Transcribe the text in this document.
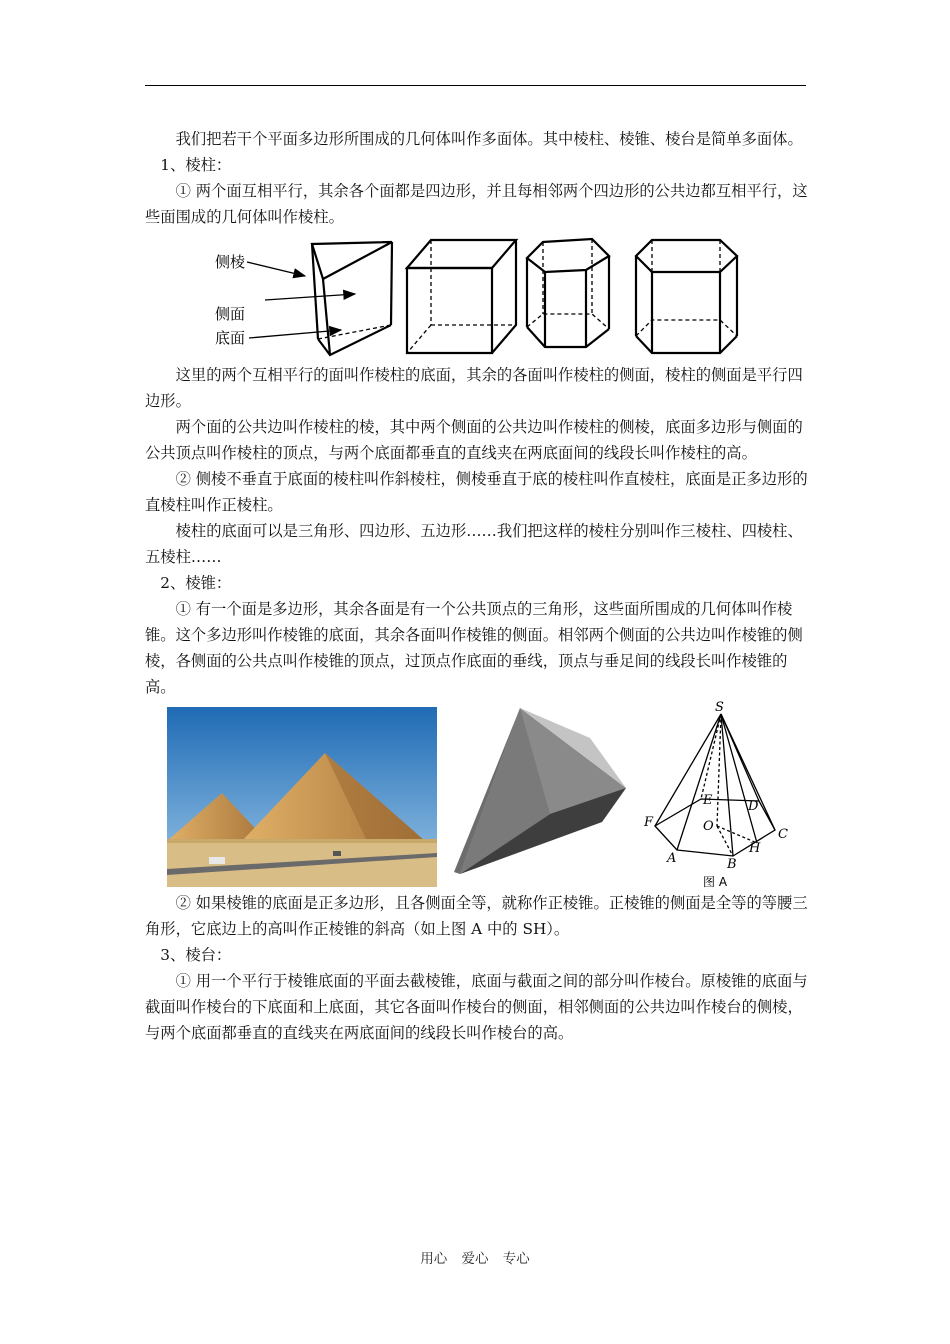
我们把若干个平面多边形所围成的几何体叫作多面体。其中棱柱、棱锥、棱台是简单多面体。

1、棱柱：

① 两个面互相平行，其余各个面都是四边形，并且每相邻两个四边形的公共边都互相平行，这些面围成的几何体叫作棱柱。

侧棱
侧面
底面

这里的两个互相平行的面叫作棱柱的底面，其余的各面叫作棱柱的侧面，棱柱的侧面是平行四边形。

两个面的公共边叫作棱柱的棱，其中两个侧面的公共边叫作棱柱的侧棱，底面多边形与侧面的公共顶点叫作棱柱的顶点，与两个底面都垂直的直线夹在两底面间的线段长叫作棱柱的高。

② 侧棱不垂直于底面的棱柱叫作斜棱柱，侧棱垂直于底的棱柱叫作直棱柱，底面是正多边形的直棱柱叫作正棱柱。

棱柱的底面可以是三角形、四边形、五边形……我们把这样的棱柱分别叫作三棱柱、四棱柱、五棱柱……

2、棱锥：

① 有一个面是多边形，其余各面是有一个公共顶点的三角形，这些面所围成的几何体叫作棱锥。这个多边形叫作棱锥的底面，其余各面叫作棱锥的侧面。相邻两个侧面的公共边叫作棱锥的侧棱，各侧面的公共点叫作棱锥的顶点，过顶点作底面的垂线，顶点与垂足间的线段长叫作棱锥的高。

S
E	D
F	O
H
C
A	B
图 A

② 如果棱锥的底面是正多边形，且各侧面全等，就称作正棱锥。正棱锥的侧面是全等的等腰三角形，它底边上的高叫作正棱锥的斜高（如上图 A 中的 SH）。

3、棱台：

① 用一个平行于棱锥底面的平面去截棱锥，底面与截面之间的部分叫作棱台。原棱锥的底面与截面叫作棱台的下底面和上底面，其它各面叫作棱台的侧面，相邻侧面的公共边叫作棱台的侧棱，与两个底面都垂直的直线夹在两底面间的线段长叫作棱台的高。

用心 爱心 专心
